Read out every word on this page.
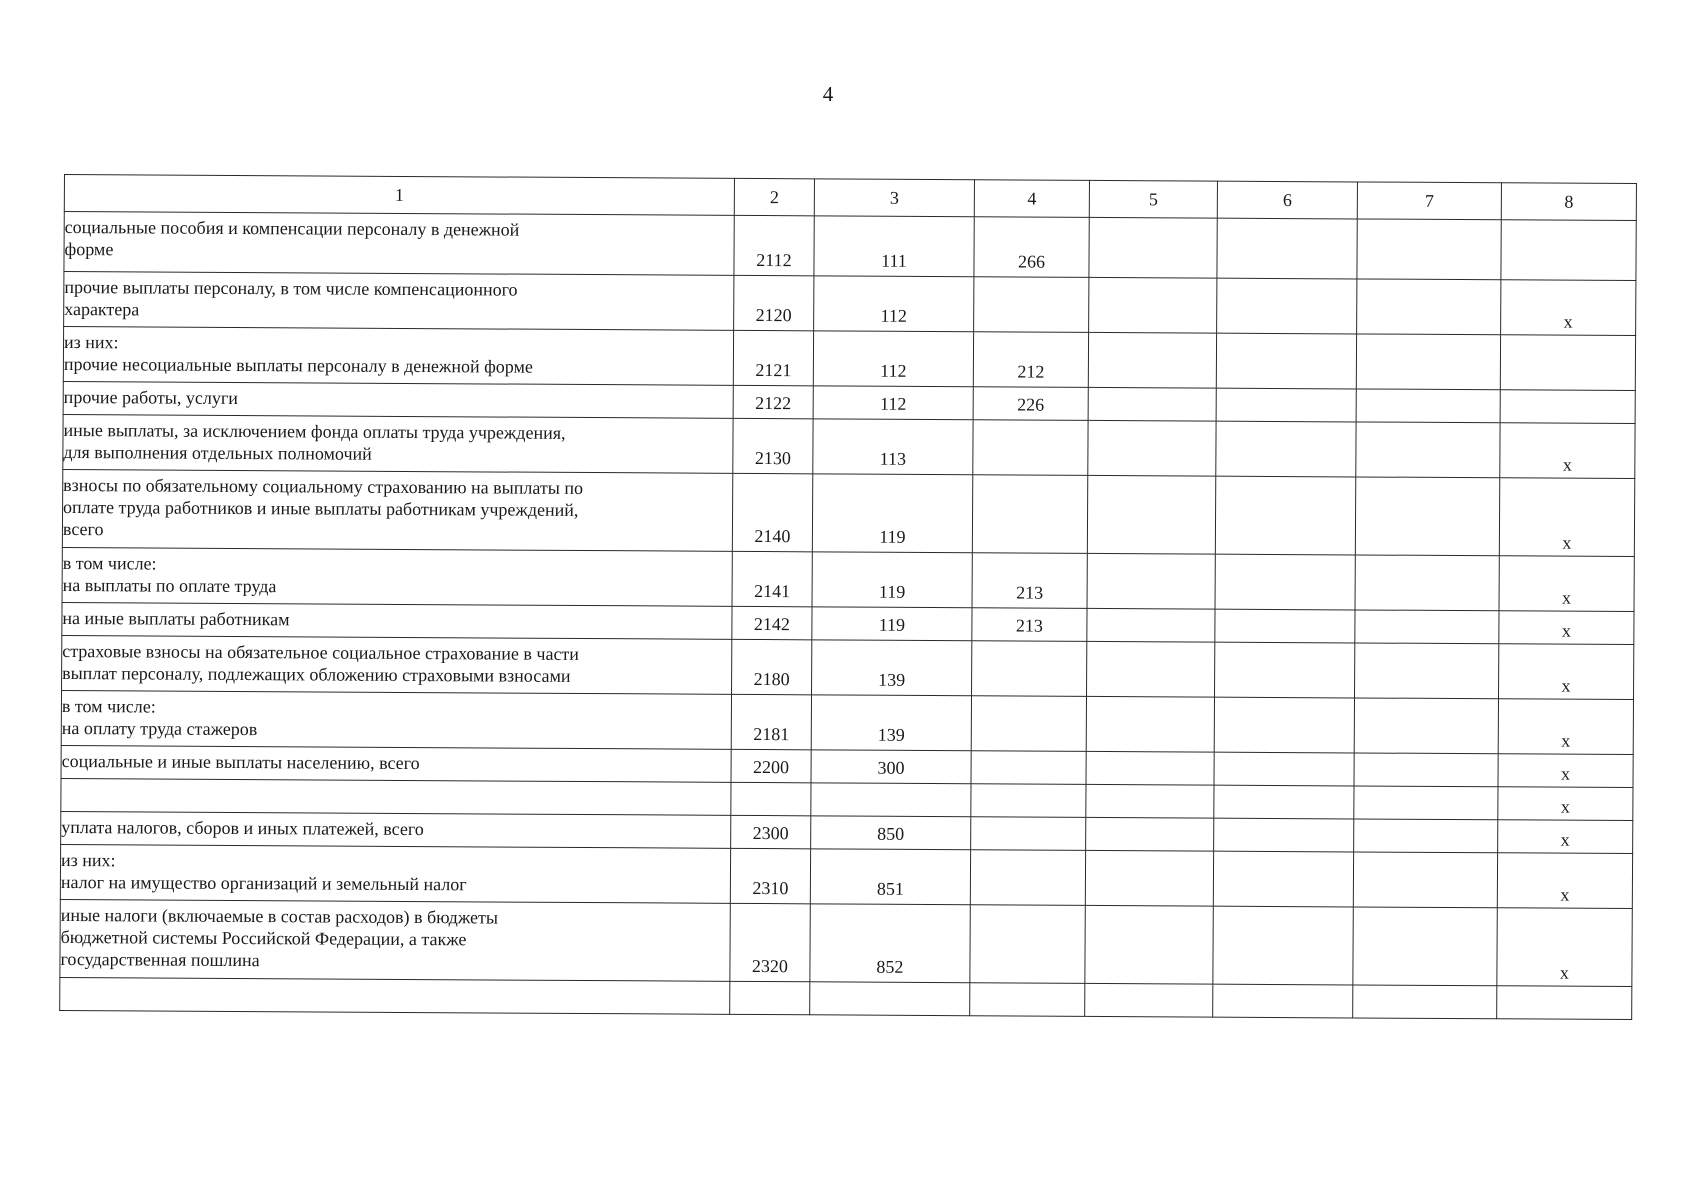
4
1	2	3	4	5	6	7	8

социальные пособия и компенсации персоналу в денежной
форме	2112	111	266				

прочие выплаты персоналу, в том числе компенсационного
характера	2120	112					х

из них:
прочие несоциальные выплаты персоналу в денежной форме	2121	112	212				

прочие работы, услуги	2122	112	226				

иные выплаты, за исключением фонда оплаты труда учреждения,
для выполнения отдельных полномочий	2130	113					х

взносы по обязательному социальному страхованию на выплаты по
оплате труда работников и иные выплаты работникам учреждений,
всего	2140	119					х

в том числе:
на выплаты по оплате труда	2141	119	213				х

на иные выплаты работникам	2142	119	213				х

страховые взносы на обязательное социальное страхование в части
выплат персоналу, подлежащих обложению страховыми взносами	2180	139					х

в том числе:
на оплату труда стажеров	2181	139					х

социальные и иные выплаты населению, всего	2200	300					х

							х

уплата налогов, сборов и иных платежей, всего	2300	850					х

из них:
налог на имущество организаций и земельный налог	2310	851					х

иные налоги (включаемые в состав расходов) в бюджеты
бюджетной системы Российской Федерации, а также
государственная пошлина	2320	852					х
